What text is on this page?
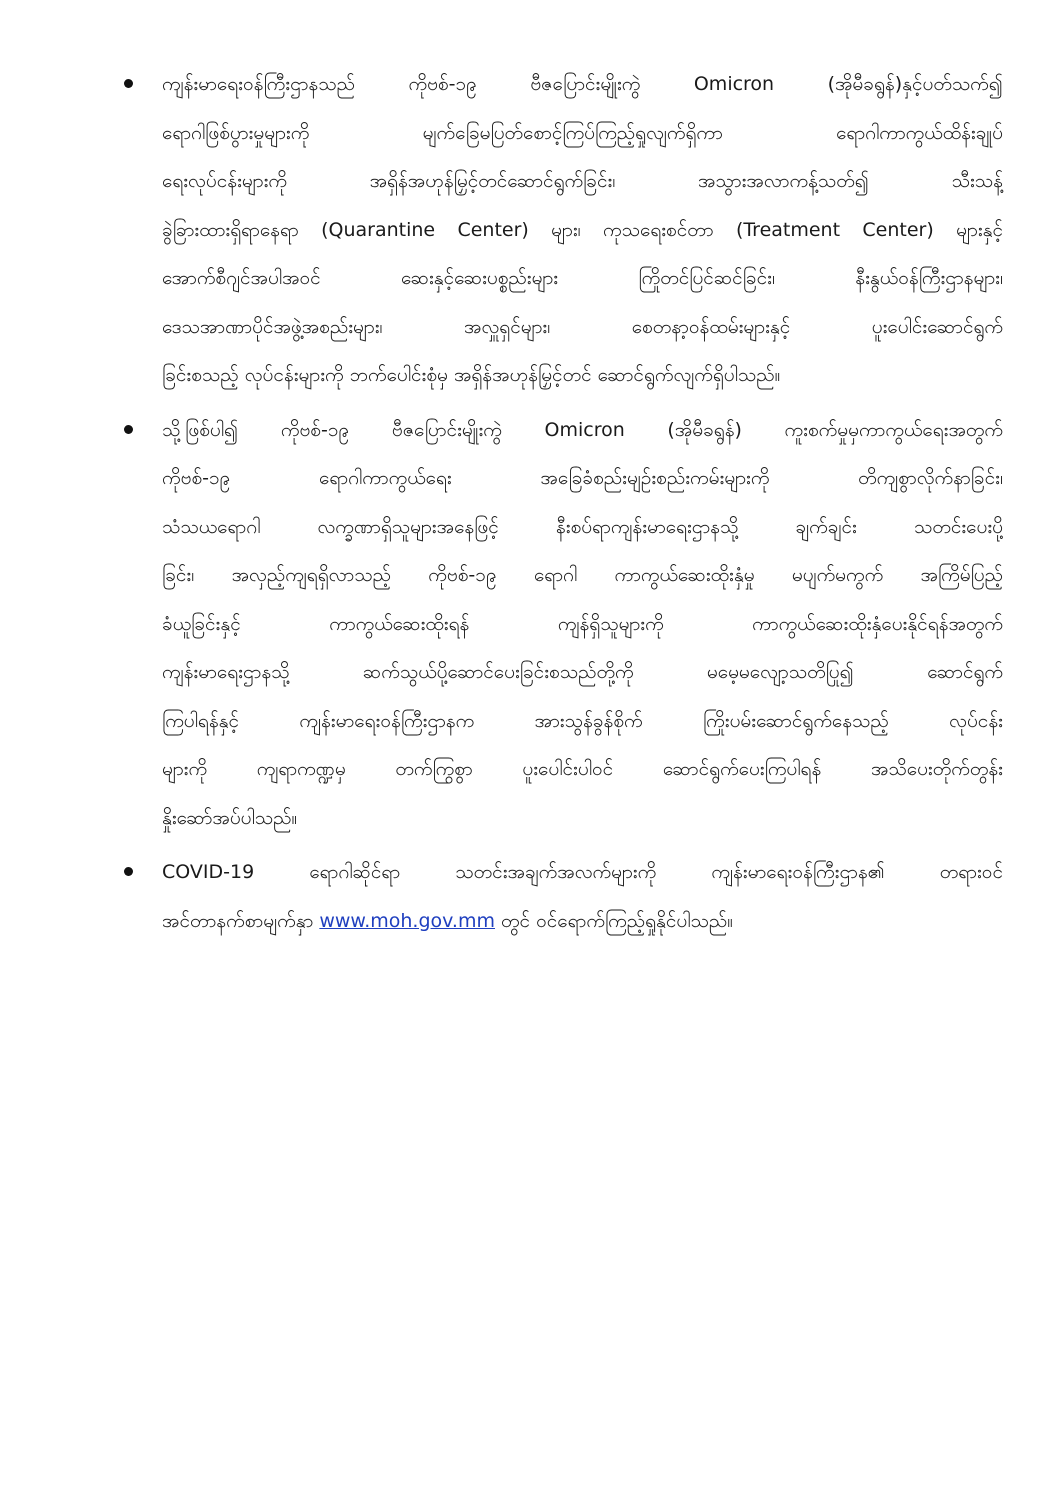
ကျန်းမာရေးဝန်ကြီးဌာနသည် ကိုဗစ်-၁၉ ဗီဇပြောင်းမျိုးကွဲ Omicron (အိုမီခရွန်)နှင့်ပတ်သက်၍
ရောဂါဖြစ်ပွားမှုများကို မျက်ခြေမပြတ်စောင့်ကြပ်ကြည့်ရှုလျက်ရှိကာ ရောဂါကာကွယ်ထိန်းချုပ်
ရေးလုပ်ငန်းများကို အရှိန်အဟုန်မြှင့်တင်ဆောင်ရွက်ခြင်း၊ အသွားအလာကန့်သတ်၍ သီးသန့်
ခွဲခြားထားရှိရာနေရာ (Quarantine Center) များ၊ ကုသရေးစင်တာ (Treatment Center) များနှင့်
အောက်စီဂျင်အပါအဝင် ဆေးနှင့်ဆေးပစ္စည်းများ ကြိုတင်ပြင်ဆင်ခြင်း၊ နီးနွယ်ဝန်ကြီးဌာနများ၊
ဒေသအာဏာပိုင်အဖွဲ့အစည်းများ၊ အလှူရှင်များ၊ စေတနာ့ဝန်ထမ်းများနှင့် ပူးပေါင်းဆောင်ရွက်
ခြင်းစသည့် လုပ်ငန်းများကို ဘက်ပေါင်းစုံမှ အရှိန်အဟုန်မြှင့်တင် ဆောင်ရွက်လျက်ရှိပါသည်။
သို့ဖြစ်ပါ၍ ကိုဗစ်-၁၉ ဗီဇပြောင်းမျိုးကွဲ Omicron (အိုမီခရွန်) ကူးစက်မှုမှကာကွယ်ရေးအတွက်
ကိုဗစ်-၁၉ ရောဂါကာကွယ်ရေး အခြေခံစည်းမျဉ်းစည်းကမ်းများကို တိကျစွာလိုက်နာခြင်း၊
သံသယရောဂါ လက္ခဏာရှိသူများအနေဖြင့် နီးစပ်ရာကျန်းမာရေးဌာနသို့ ချက်ချင်း သတင်းပေးပို့
ခြင်း၊ အလှည့်ကျရရှိလာသည့် ကိုဗစ်-၁၉ ရောဂါ ကာကွယ်ဆေးထိုးနှံမှု မပျက်မကွက် အကြိမ်ပြည့်
ခံယူခြင်းနှင့် ကာကွယ်ဆေးထိုးရန် ကျန်ရှိသူများကို ကာကွယ်ဆေးထိုးနှံပေးနိုင်ရန်အတွက်
ကျန်းမာရေးဌာနသို့ ဆက်သွယ်ပို့ဆောင်ပေးခြင်းစသည်တို့ကို မမေ့မလျော့သတိပြု၍ ဆောင်ရွက်
ကြပါရန်နှင့် ကျန်းမာရေးဝန်ကြီးဌာနက အားသွန်ခွန်စိုက် ကြိုးပမ်းဆောင်ရွက်နေသည့် လုပ်ငန်း
များကို ကျရာကဏ္ဍမှ တက်ကြွစွာ ပူးပေါင်းပါဝင် ဆောင်ရွက်ပေးကြပါရန် အသိပေးတိုက်တွန်း
နှိုးဆော်အပ်ပါသည်။
COVID-19 ရောဂါဆိုင်ရာ သတင်းအချက်အလက်များကို ကျန်းမာရေးဝန်ကြီးဌာန၏ တရားဝင်
အင်တာနက်စာမျက်နှာ www.moh.gov.mm တွင် ဝင်ရောက်ကြည့်ရှုနိုင်ပါသည်။
